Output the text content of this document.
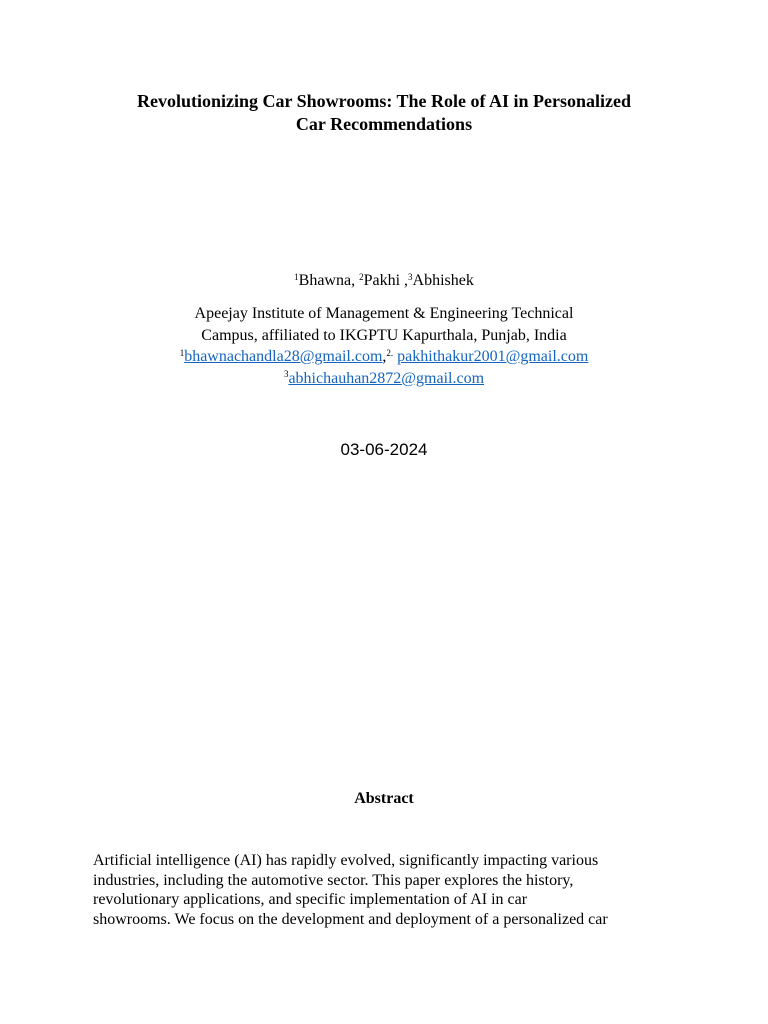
Revolutionizing Car Showrooms: The Role of AI in Personalized
Car Recommendations
$^1$Bhawna, $^2$Pakhi ,$^3$Abhishek
Apeejay Institute of Management & Engineering Technical
Campus, affiliated to IKGPTU Kapurthala, Punjab, India
$^1$bhawnachandla28@gmail.com,$^{2.}$ pakhithakur2001@gmail.com
$^3$abhichauhan2872@gmail.com
03-06-2024
Abstract
Artificial intelligence (AI) has rapidly evolved, significantly impacting various
industries, including the automotive sector. This paper explores the history,
revolutionary applications, and specific implementation of AI in car
showrooms. We focus on the development and deployment of a personalized car
